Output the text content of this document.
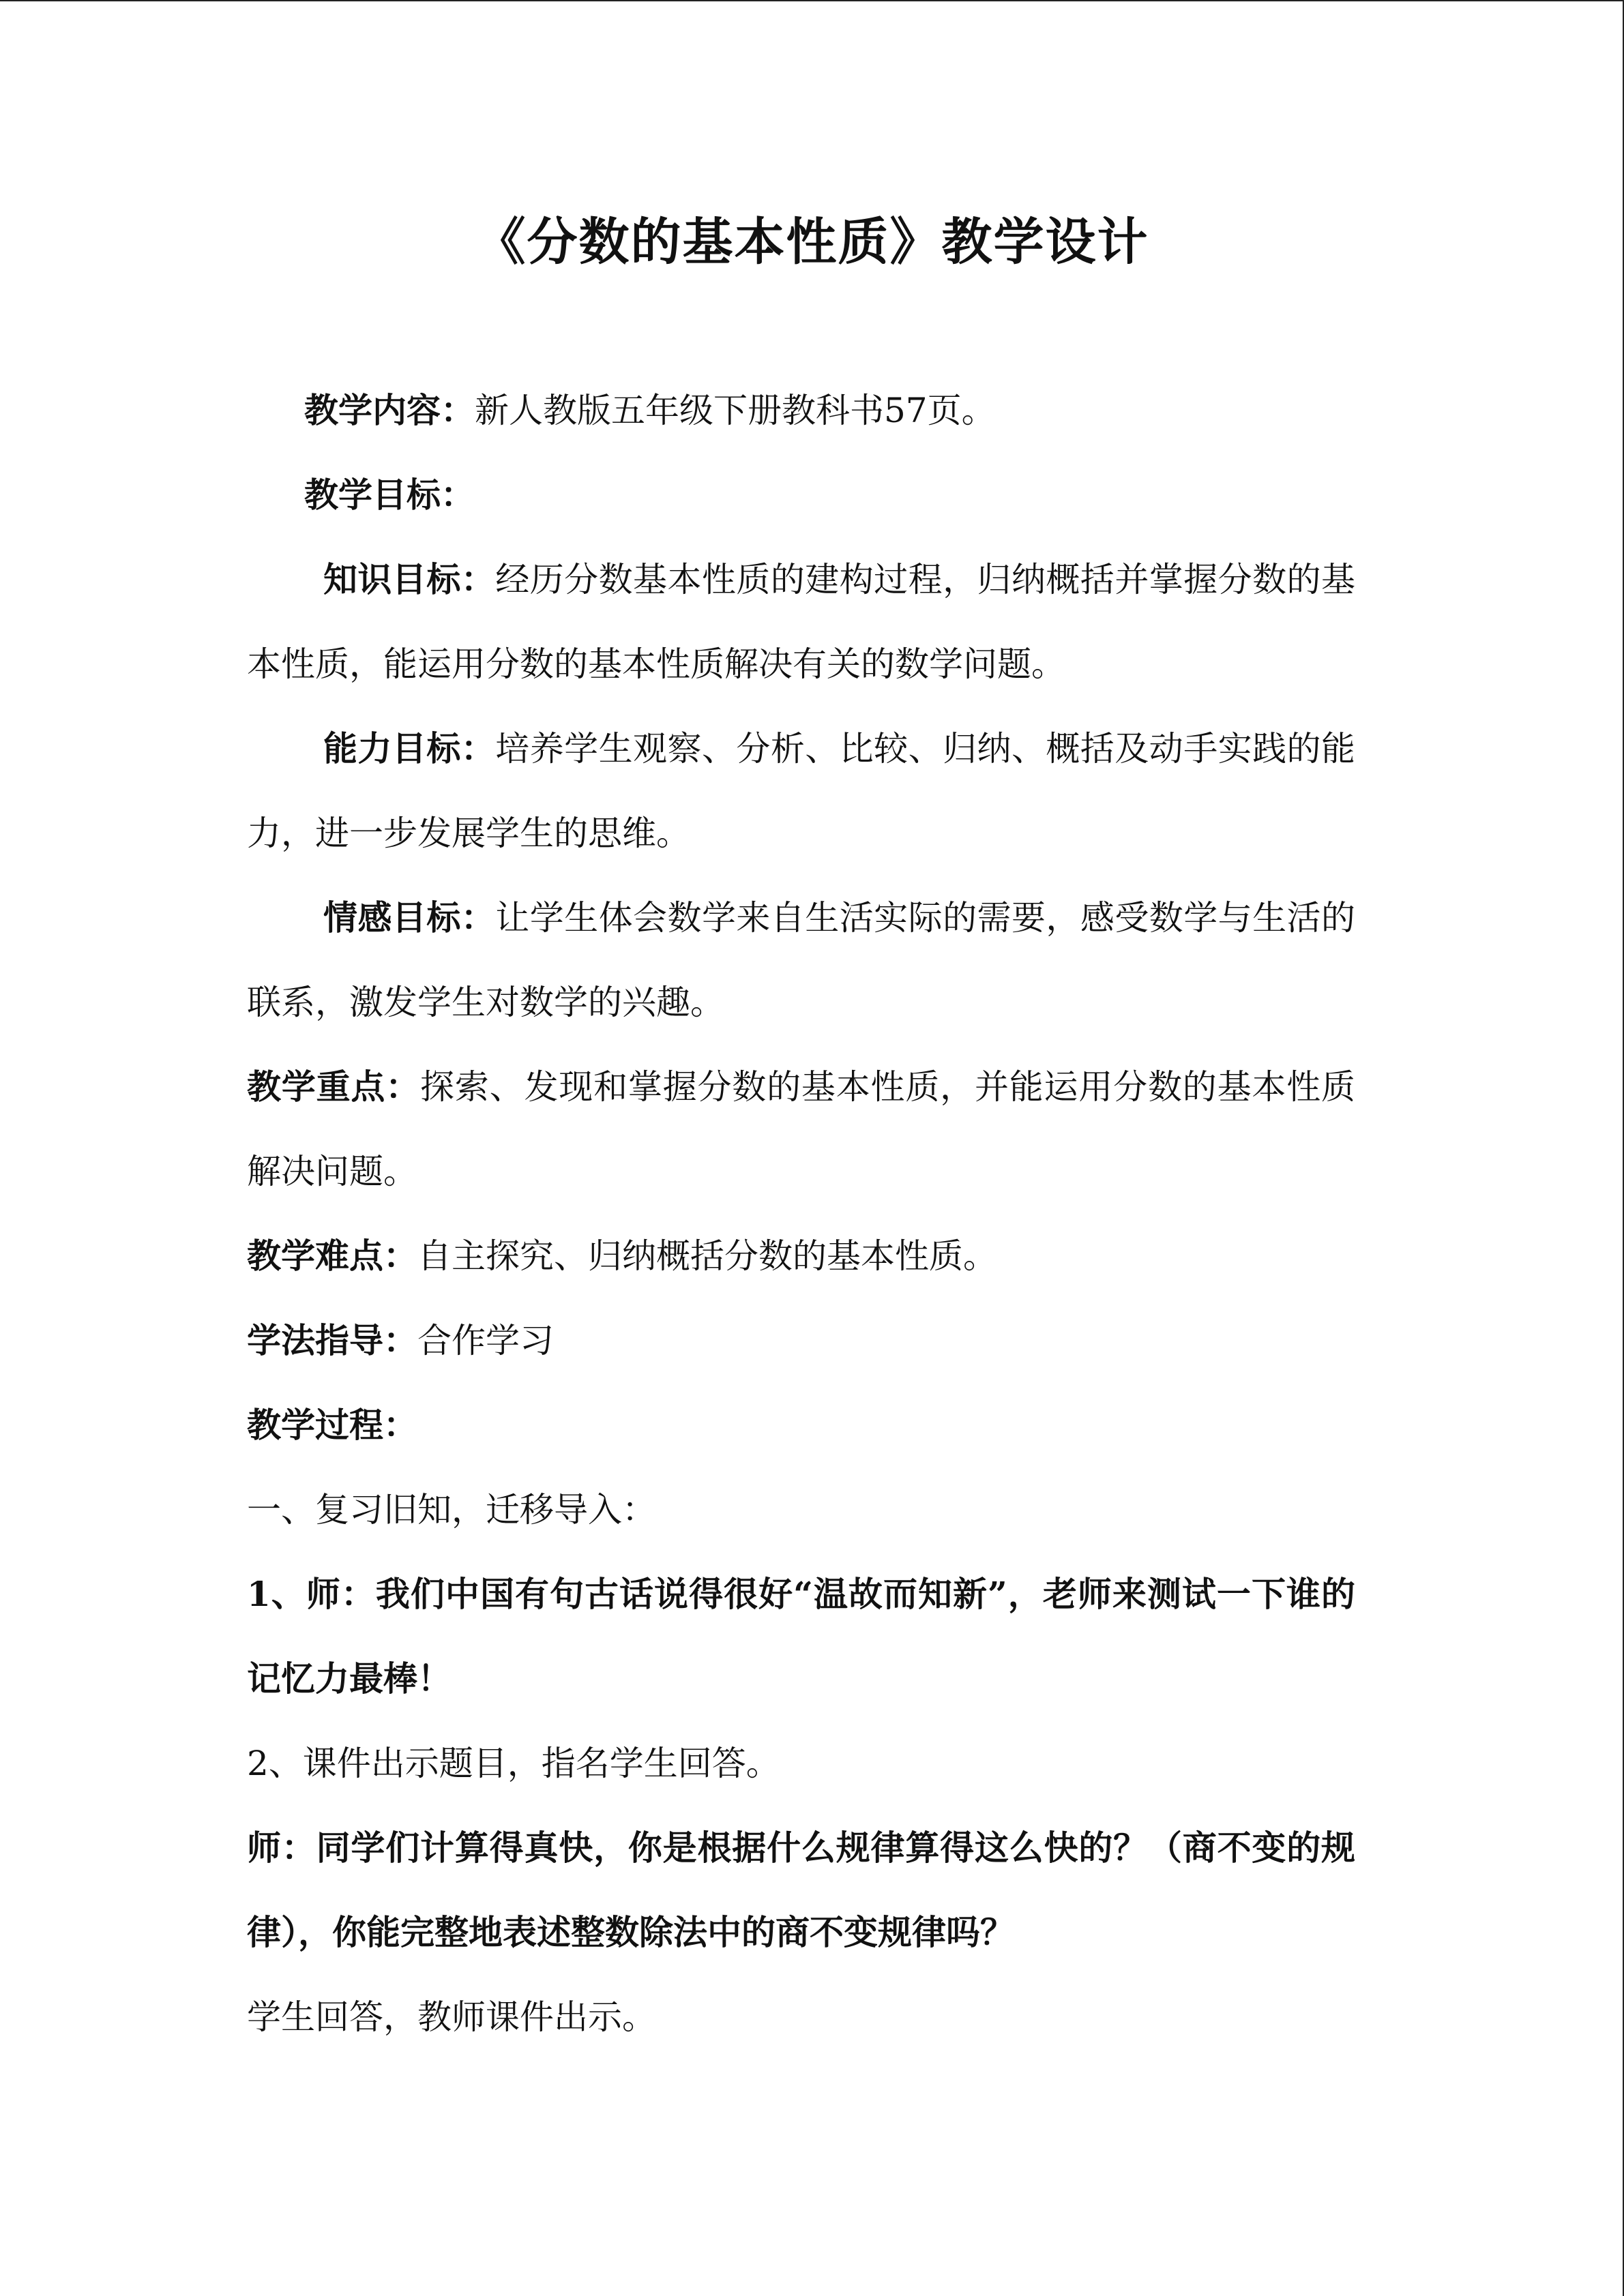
《分数的基本性质》教学设计

教学内容：新人教版五年级下册教科书57页。

教学目标：

知识目标：经历分数基本性质的建构过程，归纳概括并掌握分数的基本性质，能运用分数的基本性质解决有关的数学问题。

能力目标：培养学生观察、分析、比较、归纳、概括及动手实践的能力，进一步发展学生的思维。

情感目标：让学生体会数学来自生活实际的需要，感受数学与生活的联系，激发学生对数学的兴趣。

教学重点：探索、发现和掌握分数的基本性质，并能运用分数的基本性质解决问题。

教学难点：自主探究、归纳概括分数的基本性质。

学法指导：合作学习

教学过程：

一、复习旧知，迁移导入：

1、师：我们中国有句古话说得很好“温故而知新”，老师来测试一下谁的记忆力最棒！

2、课件出示题目，指名学生回答。

师：同学们计算得真快，你是根据什么规律算得这么快的？（商不变的规律），你能完整地表述整数除法中的商不变规律吗？

学生回答，教师课件出示。
